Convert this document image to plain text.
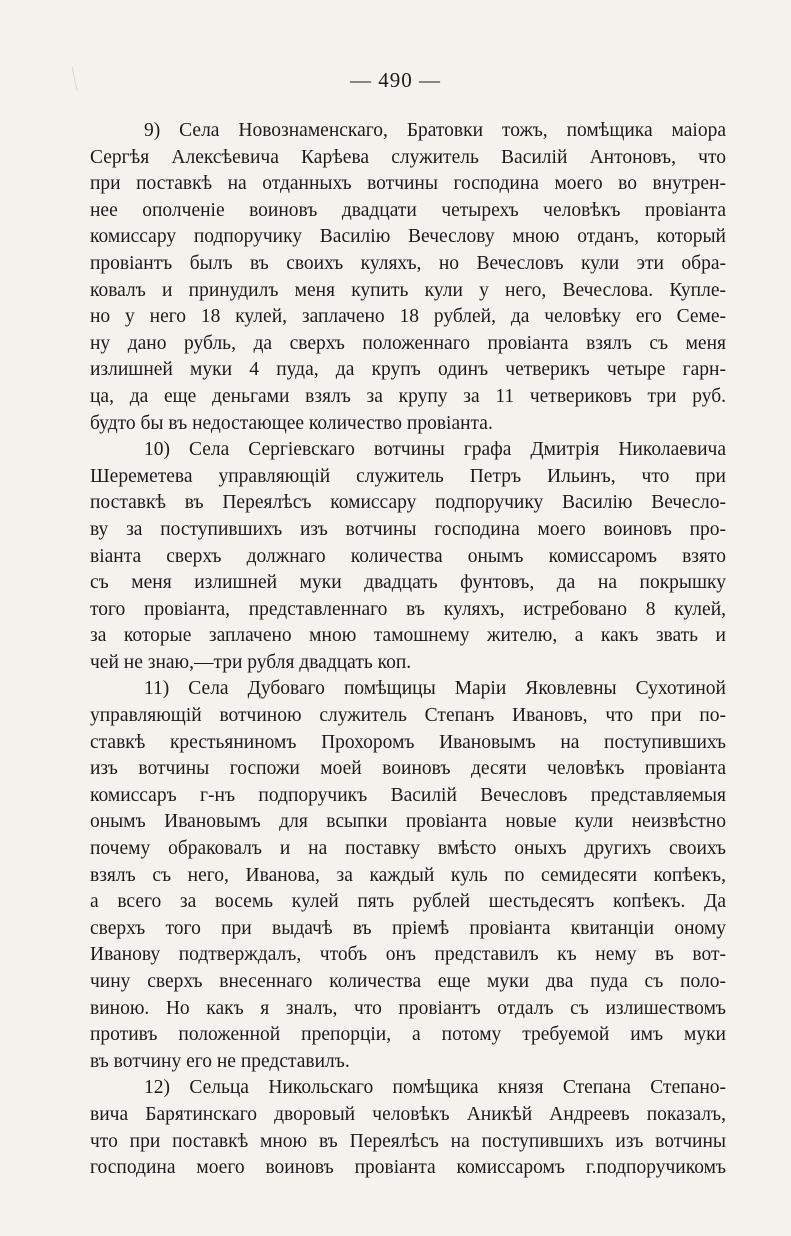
— 490 —
9) Села Новознаменскаго, Братовки тожъ, помѣщика маіора
Сергѣя Алексѣевича Карѣева служитель Василій Антоновъ, что
при поставкѣ на отданныхъ вотчины господина моего во внутрен-
нее ополченіе воиновъ двадцати четырехъ человѣкъ провіанта
комиссару подпоручику Василію Вечеслову мною отданъ, который
провіантъ былъ въ своихъ куляхъ, но Вечесловъ кули эти обра-
ковалъ и принудилъ меня купить кули у него, Вечеслова. Купле-
но у него 18 кулей, заплачено 18 рублей, да человѣку его Семе-
ну дано рубль, да сверхъ положеннаго провіанта взялъ съ меня
излишней муки 4 пуда, да крупъ одинъ четверикъ четыре гарн-
ца, да еще деньгами взялъ за крупу за 11 четвериковъ три руб.
будто бы въ недостающее количество провіанта.
10) Села Сергіевскаго вотчины графа Дмитрія Николаевича
Шереметева управляющій служитель Петръ Ильинъ, что при
поставкѣ въ Переялѣсъ комиссару подпоручику Василію Вечесло-
ву за поступившихъ изъ вотчины господина моего воиновъ про-
віанта сверхъ должнаго количества онымъ комиссаромъ взято
съ меня излишней муки двадцать фунтовъ, да на покрышку
того провіанта, представленнаго въ куляхъ, истребовано 8 кулей,
за которые заплачено мною тамошнему жителю, а какъ звать и
чей не знаю,—три рубля двадцать коп.
11) Села Дубоваго помѣщицы Маріи Яковлевны Сухотиной
управляющій вотчиною служитель Степанъ Ивановъ, что при по-
ставкѣ крестьяниномъ Прохоромъ Ивановымъ на поступившихъ
изъ вотчины госпожи моей воиновъ десяти человѣкъ провіанта
комиссаръ г-нъ подпоручикъ Василій Вечесловъ представляемыя
онымъ Ивановымъ для всыпки провіанта новые кули неизвѣстно
почему обраковалъ и на поставку вмѣсто оныхъ другихъ своихъ
взялъ съ него, Иванова, за каждый куль по семидесяти копѣекъ,
а всего за восемь кулей пять рублей шестьдесятъ копѣекъ. Да
сверхъ того при выдачѣ въ пріемѣ провіанта квитанціи оному
Иванову подтверждалъ, чтобъ онъ представилъ къ нему въ вот-
чину сверхъ внесеннаго количества еще муки два пуда съ поло-
виною. Но какъ я зналъ, что провіантъ отдалъ съ излишествомъ
противъ положенной препорціи, а потому требуемой имъ муки
въ вотчину его не представилъ.
12) Сельца Никольскаго помѣщика князя Степана Степано-
вича Барятинскаго дворовый человѣкъ Аникѣй Андреевъ показалъ,
что при поставкѣ мною въ Переялѣсъ на поступившихъ изъ вотчины
господина моего воиновъ провіанта комиссаромъ г.подпоручикомъ
